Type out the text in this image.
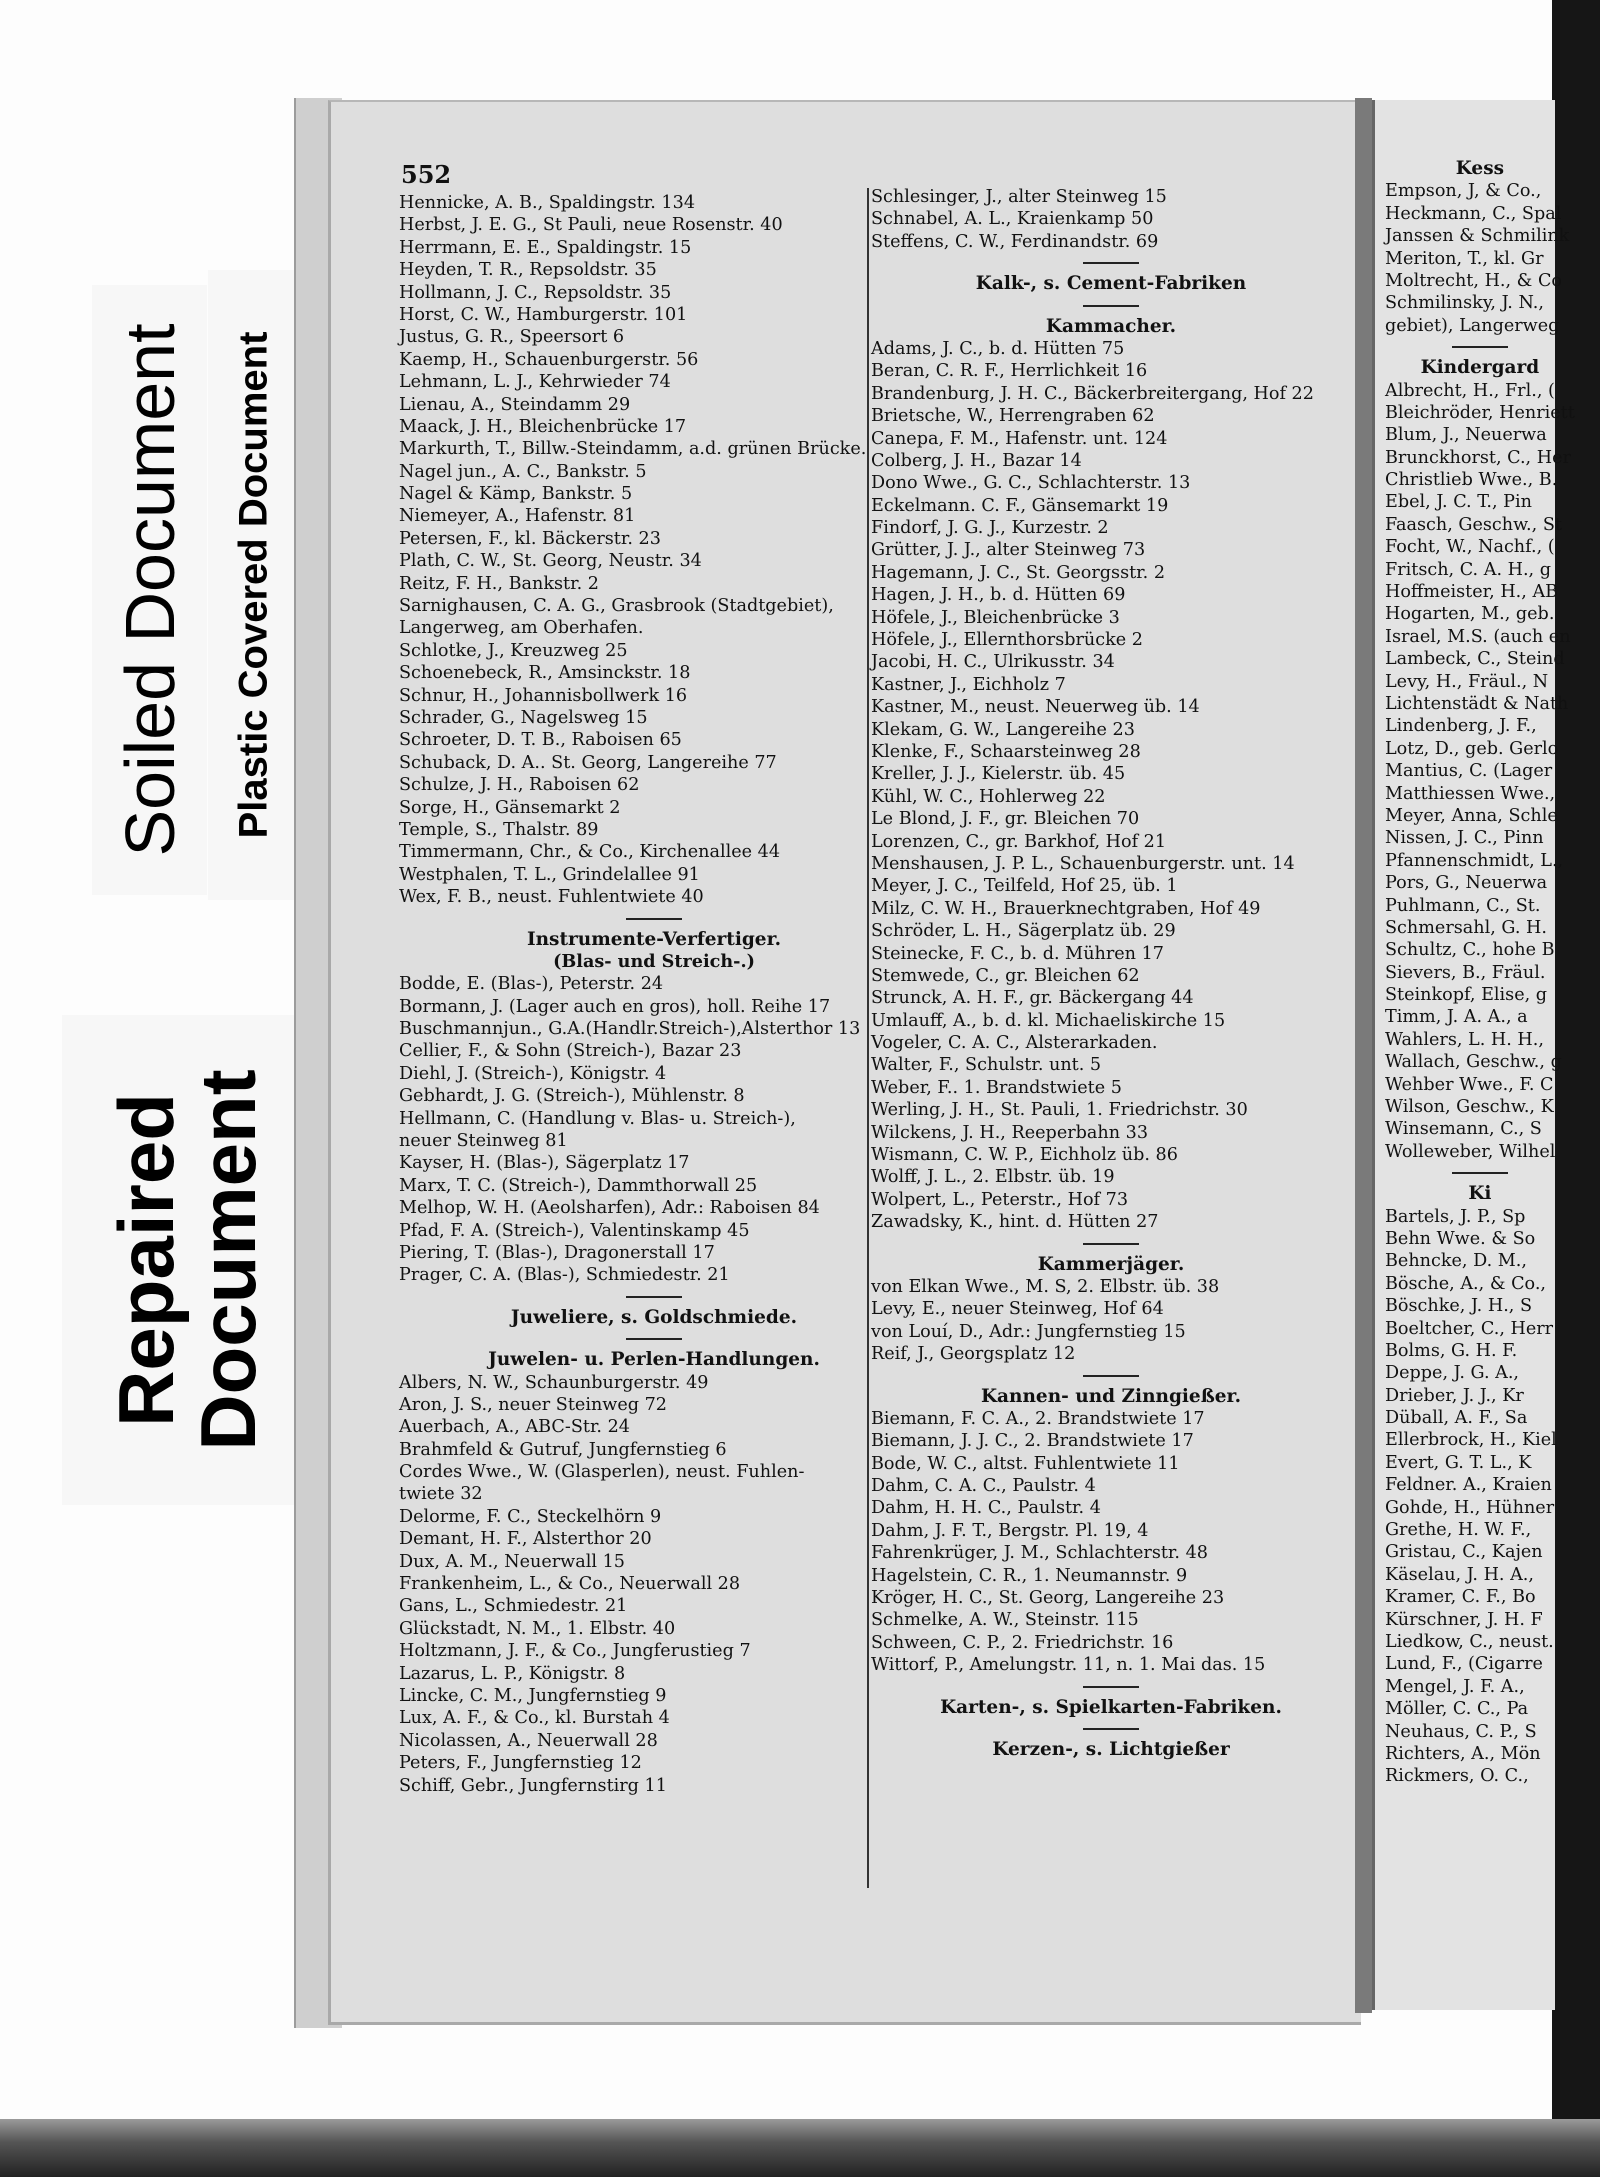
Soiled Document Plastic Covered Document
Repaired
Document
552
Hennicke, A. B., Spaldingstr. 134
Herbst, J. E. G., St Pauli, neue Rosenstr. 40
Herrmann, E. E., Spaldingstr. 15
Heyden, T. R., Repsoldstr. 35
Hollmann, J. C., Repsoldstr. 35
Horst, C. W., Hamburgerstr. 101
Justus, G. R., Speersort 6
Kaemp, H., Schauenburgerstr. 56
Lehmann, L. J., Kehrwieder 74
Lienau, A., Steindamm 29
Maack, J. H., Bleichenbrücke 17
Markurth, T., Billw.-Steindamm, a.d. grünen Brücke.
Nagel jun., A. C., Bankstr. 5
Nagel & Kämp, Bankstr. 5
Niemeyer, A., Hafenstr. 81
Petersen, F., kl. Bäckerstr. 23
Plath, C. W., St. Georg, Neustr. 34
Reitz, F. H., Bankstr. 2
Sarnighausen, C. A. G., Grasbrook (Stadtgebiet),
Langerweg, am Oberhafen.
Schlotke, J., Kreuzweg 25
Schoenebeck, R., Amsinckstr. 18
Schnur, H., Johannisbollwerk 16
Schrader, G., Nagelsweg 15
Schroeter, D. T. B., Raboisen 65
Schuback, D. A.. St. Georg, Langereihe 77
Schulze, J. H., Raboisen 62
Sorge, H., Gänsemarkt 2
Temple, S., Thalstr. 89
Timmermann, Chr., & Co., Kirchenallee 44
Westphalen, T. L., Grindelallee 91
Wex, F. B., neust. Fuhlentwiete 40
Instrumente-Verfertiger.
(Blas- und Streich-.)
Bodde, E. (Blas-), Peterstr. 24
Bormann, J. (Lager auch en gros), holl. Reihe 17
Buschmannjun., G.A.(Handlr.Streich-),Alsterthor 13
Cellier, F., & Sohn (Streich-), Bazar 23
Diehl, J. (Streich-), Königstr. 4
Gebhardt, J. G. (Streich-), Mühlenstr. 8
Hellmann, C. (Handlung v. Blas- u. Streich-),
neuer Steinweg 81
Kayser, H. (Blas-), Sägerplatz 17
Marx, T. C. (Streich-), Dammthorwall 25
Melhop, W. H. (Aeolsharfen), Adr.: Raboisen 84
Pfad, F. A. (Streich-), Valentinskamp 45
Piering, T. (Blas-), Dragonerstall 17
Prager, C. A. (Blas-), Schmiedestr. 21
Juweliere, s. Goldschmiede.
Juwelen- u. Perlen-Handlungen.
Albers, N. W., Schaunburgerstr. 49
Aron, J. S., neuer Steinweg 72
Auerbach, A., ABC-Str. 24
Brahmfeld & Gutruf, Jungfernstieg 6
Cordes Wwe., W. (Glasperlen), neust. Fuhlen-
twiete 32
Delorme, F. C., Steckelhörn 9
Demant, H. F., Alsterthor 20
Dux, A. M., Neuerwall 15
Frankenheim, L., & Co., Neuerwall 28
Gans, L., Schmiedestr. 21
Glückstadt, N. M., 1. Elbstr. 40
Holtzmann, J. F., & Co., Jungferustieg 7
Lazarus, L. P., Königstr. 8
Lincke, C. M., Jungfernstieg 9
Lux, A. F., & Co., kl. Burstah 4
Nicolassen, A., Neuerwall 28
Peters, F., Jungfernstieg 12
Schiff, Gebr., Jungfernstirg 11
Schlesinger, J., alter Steinweg 15
Schnabel, A. L., Kraienkamp 50
Steffens, C. W., Ferdinandstr. 69
Kalk-, s. Cement-Fabriken
Kammacher.
Adams, J. C., b. d. Hütten 75
Beran, C. R. F., Herrlichkeit 16
Brandenburg, J. H. C., Bäckerbreitergang, Hof 22
Brietsche, W., Herrengraben 62
Canepa, F. M., Hafenstr. unt. 124
Colberg, J. H., Bazar 14
Dono Wwe., G. C., Schlachterstr. 13
Eckelmann. C. F., Gänsemarkt 19
Findorf, J. G. J., Kurzestr. 2
Grütter, J. J., alter Steinweg 73
Hagemann, J. C., St. Georgsstr. 2
Hagen, J. H., b. d. Hütten 69
Höfele, J., Bleichenbrücke 3
Höfele, J., Ellernthorsbrücke 2
Jacobi, H. C., Ulrikusstr. 34
Kastner, J., Eichholz 7
Kastner, M., neust. Neuerweg üb. 14
Klekam, G. W., Langereihe 23
Klenke, F., Schaarsteinweg 28
Kreller, J. J., Kielerstr. üb. 45
Kühl, W. C., Hohlerweg 22
Le Blond, J. F., gr. Bleichen 70
Lorenzen, C., gr. Barkhof, Hof 21
Menshausen, J. P. L., Schauenburgerstr. unt. 14
Meyer, J. C., Teilfeld, Hof 25, üb. 1
Milz, C. W. H., Brauerknechtgraben, Hof 49
Schröder, L. H., Sägerplatz üb. 29
Steinecke, F. C., b. d. Mühren 17
Stemwede, C., gr. Bleichen 62
Strunck, A. H. F., gr. Bäckergang 44
Umlauff, A., b. d. kl. Michaeliskirche 15
Vogeler, C. A. C., Alsterarkaden.
Walter, F., Schulstr. unt. 5
Weber, F.. 1. Brandstwiete 5
Werling, J. H., St. Pauli, 1. Friedrichstr. 30
Wilckens, J. H., Reeperbahn 33
Wismann, C. W. P., Eichholz üb. 86
Wolff, J. L., 2. Elbstr. üb. 19
Wolpert, L., Peterstr., Hof 73
Zawadsky, K., hint. d. Hütten 27
Kammerjäger.
von Elkan Wwe., M. S, 2. Elbstr. üb. 38
Levy, E., neuer Steinweg, Hof 64
von Louí, D., Adr.: Jungfernstieg 15
Reif, J., Georgsplatz 12
Kannen- und Zinngießer.
Biemann, F. C. A., 2. Brandstwiete 17
Biemann, J. J. C., 2. Brandstwiete 17
Bode, W. C., altst. Fuhlentwiete 11
Dahm, C. A. C., Paulstr. 4
Dahm, H. H. C., Paulstr. 4
Dahm, J. F. T., Bergstr. Pl. 19, 4
Fahrenkrüger, J. M., Schlachterstr. 48
Hagelstein, C. R., 1. Neumannstr. 9
Kröger, H. C., St. Georg, Langereihe 23
Schmelke, A. W., Steinstr. 115
Schween, C. P., 2. Friedrichstr. 16
Wittorf, P., Amelungstr. 11, n. 1. Mai das. 15
Karten-, s. Spielkarten-Fabriken.
Kerzen-, s. Lichtgießer
Kess
Empson, J, & Co.,
Heckmann, C., Spal
Janssen & Schmilink
Meriton, T., kl. Gr
Moltrecht, H., & Co
Schmilinsky, J. N.,
gebiet), Langerweg
Kindergard
Albrecht, H., Frl., (
Bleichröder, Henriett
Blum, J., Neuerwa
Brunckhorst, C., Her
Christlieb Wwe., B.
Ebel, J. C. T., Pin
Faasch, Geschw., St
Focht, W., Nachf., (
Fritsch, C. A. H., g
Hoffmeister, H., AB
Hogarten, M., geb.
Israel, M.S. (auch en
Lambeck, C., Steind
Levy, H., Fräul., N
Lichtenstädt & Nath
Lindenberg, J. F.,
Lotz, D., geb. Gerlo
Mantius, C. (Lager
Matthiessen Wwe.,
Meyer, Anna, Schle
Nissen, J. C., Pinn
Pfannenschmidt, L.,
Pors, G., Neuerwa
Puhlmann, C., St.
Schmersahl, G. H.
Schultz, C., hohe B
Sievers, B., Fräul.
Steinkopf, Elise, g
Timm, J. A. A., a
Wahlers, L. H. H.,
Wallach, Geschw., g
Wehber Wwe., F. C
Wilson, Geschw., K
Winsemann, C., S
Wolleweber, Wilhel
Ki
Bartels, J. P., Sp
Behn Wwe. & So
Behncke, D. M.,
Bösche, A., & Co.,
Böschke, J. H., S
Boeltcher, C., Herr
Bolms, G. H. F.
Deppe, J. G. A.,
Drieber, J. J., Kr
Düball, A. F., Sa
Ellerbrock, H., Kiel
Evert, G. T. L., K
Feldner. A., Kraien
Gohde, H., Hühner
Grethe, H. W. F.,
Gristau, C., Kajen
Käselau, J. H. A.,
Kramer, C. F., Bo
Kürschner, J. H. F
Liedkow, C., neust.
Lund, F., (Cigarre
Mengel, J. F. A.,
Möller, C. C., Pa
Neuhaus, C. P., S
Richters, A., Mön
Rickmers, O. C.,
